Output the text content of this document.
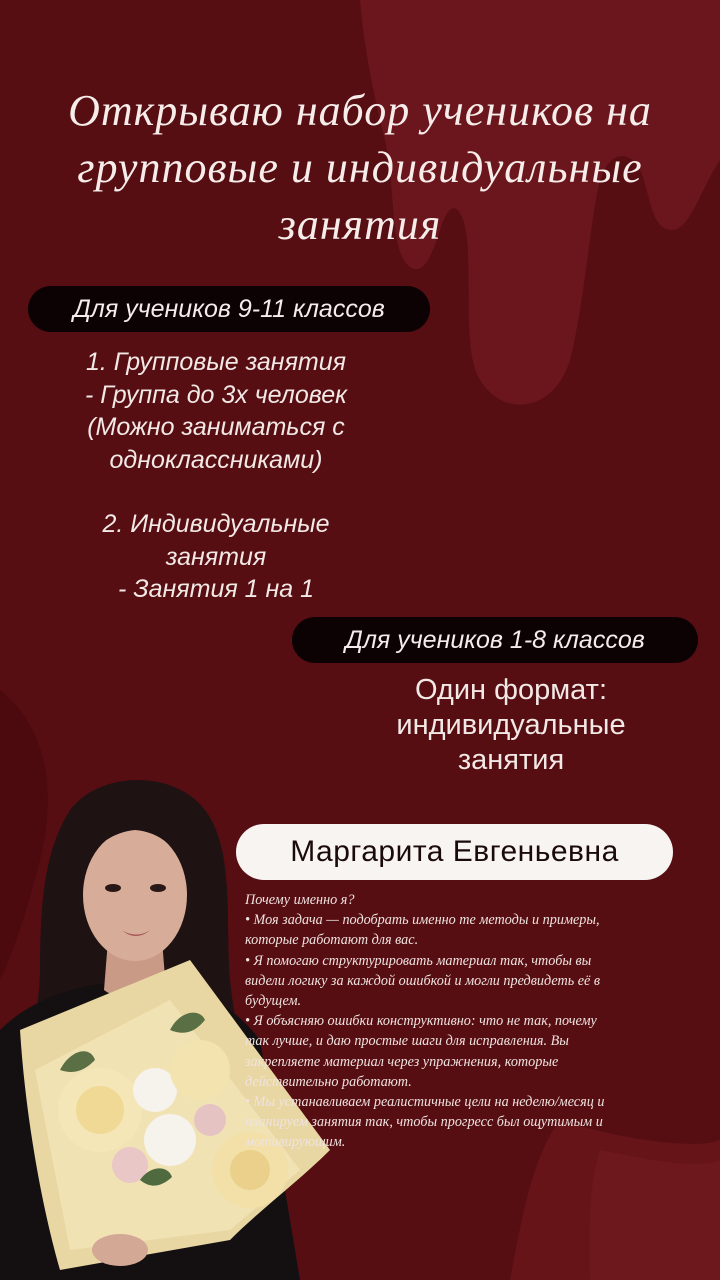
Открываю набор учеников на
групповые и индивидуальные
занятия
Для учеников 9-11 классов
1. Групповые занятия
- Группа до 3х человек
(Можно заниматься с
одноклассниками)
2. Индивидуальные
занятия
- Занятия 1 на 1
Для учеников 1-8 классов
Один формат:
индивидуальные
занятия
Маргарита Евгеньевна
Почему именно я?
• Моя задача — подобрать именно те методы и примеры,
которые работают для вас.
• Я помогаю структурировать материал так, чтобы вы
видели логику за каждой ошибкой и могли предвидеть её в
будущем.
• Я объясняю ошибки конструктивно: что не так, почему
так лучше, и даю простые шаги для исправления. Вы
закрепляете материал через упражнения, которые
действительно работают.
• Мы устанавливаем реалистичные цели на неделю/месяц и
планируем занятия так, чтобы прогресс был ощутимым и
мотивирующим.
